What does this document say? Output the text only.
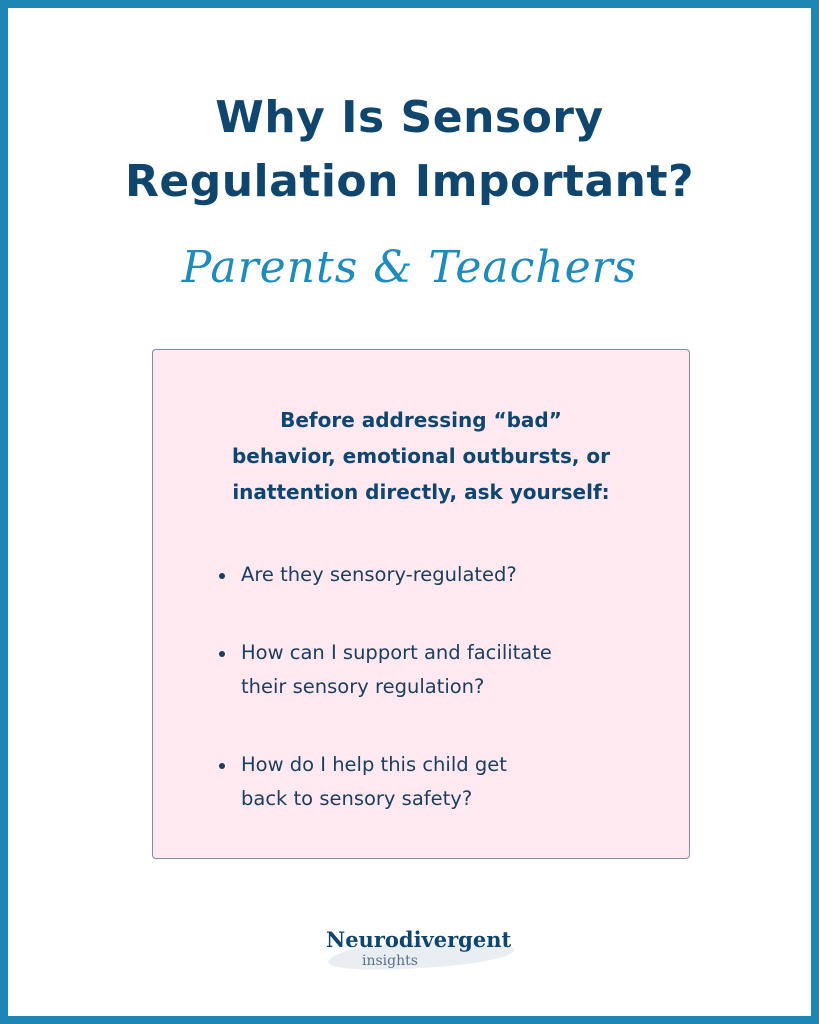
Why Is Sensory
Regulation Important?
Parents & Teachers
Before addressing “bad”
behavior, emotional outbursts, or
inattention directly, ask yourself:
Are they sensory-regulated?
How can I support and facilitate
their sensory regulation?
How do I help this child get
back to sensory safety?
Neurodivergent
insights
